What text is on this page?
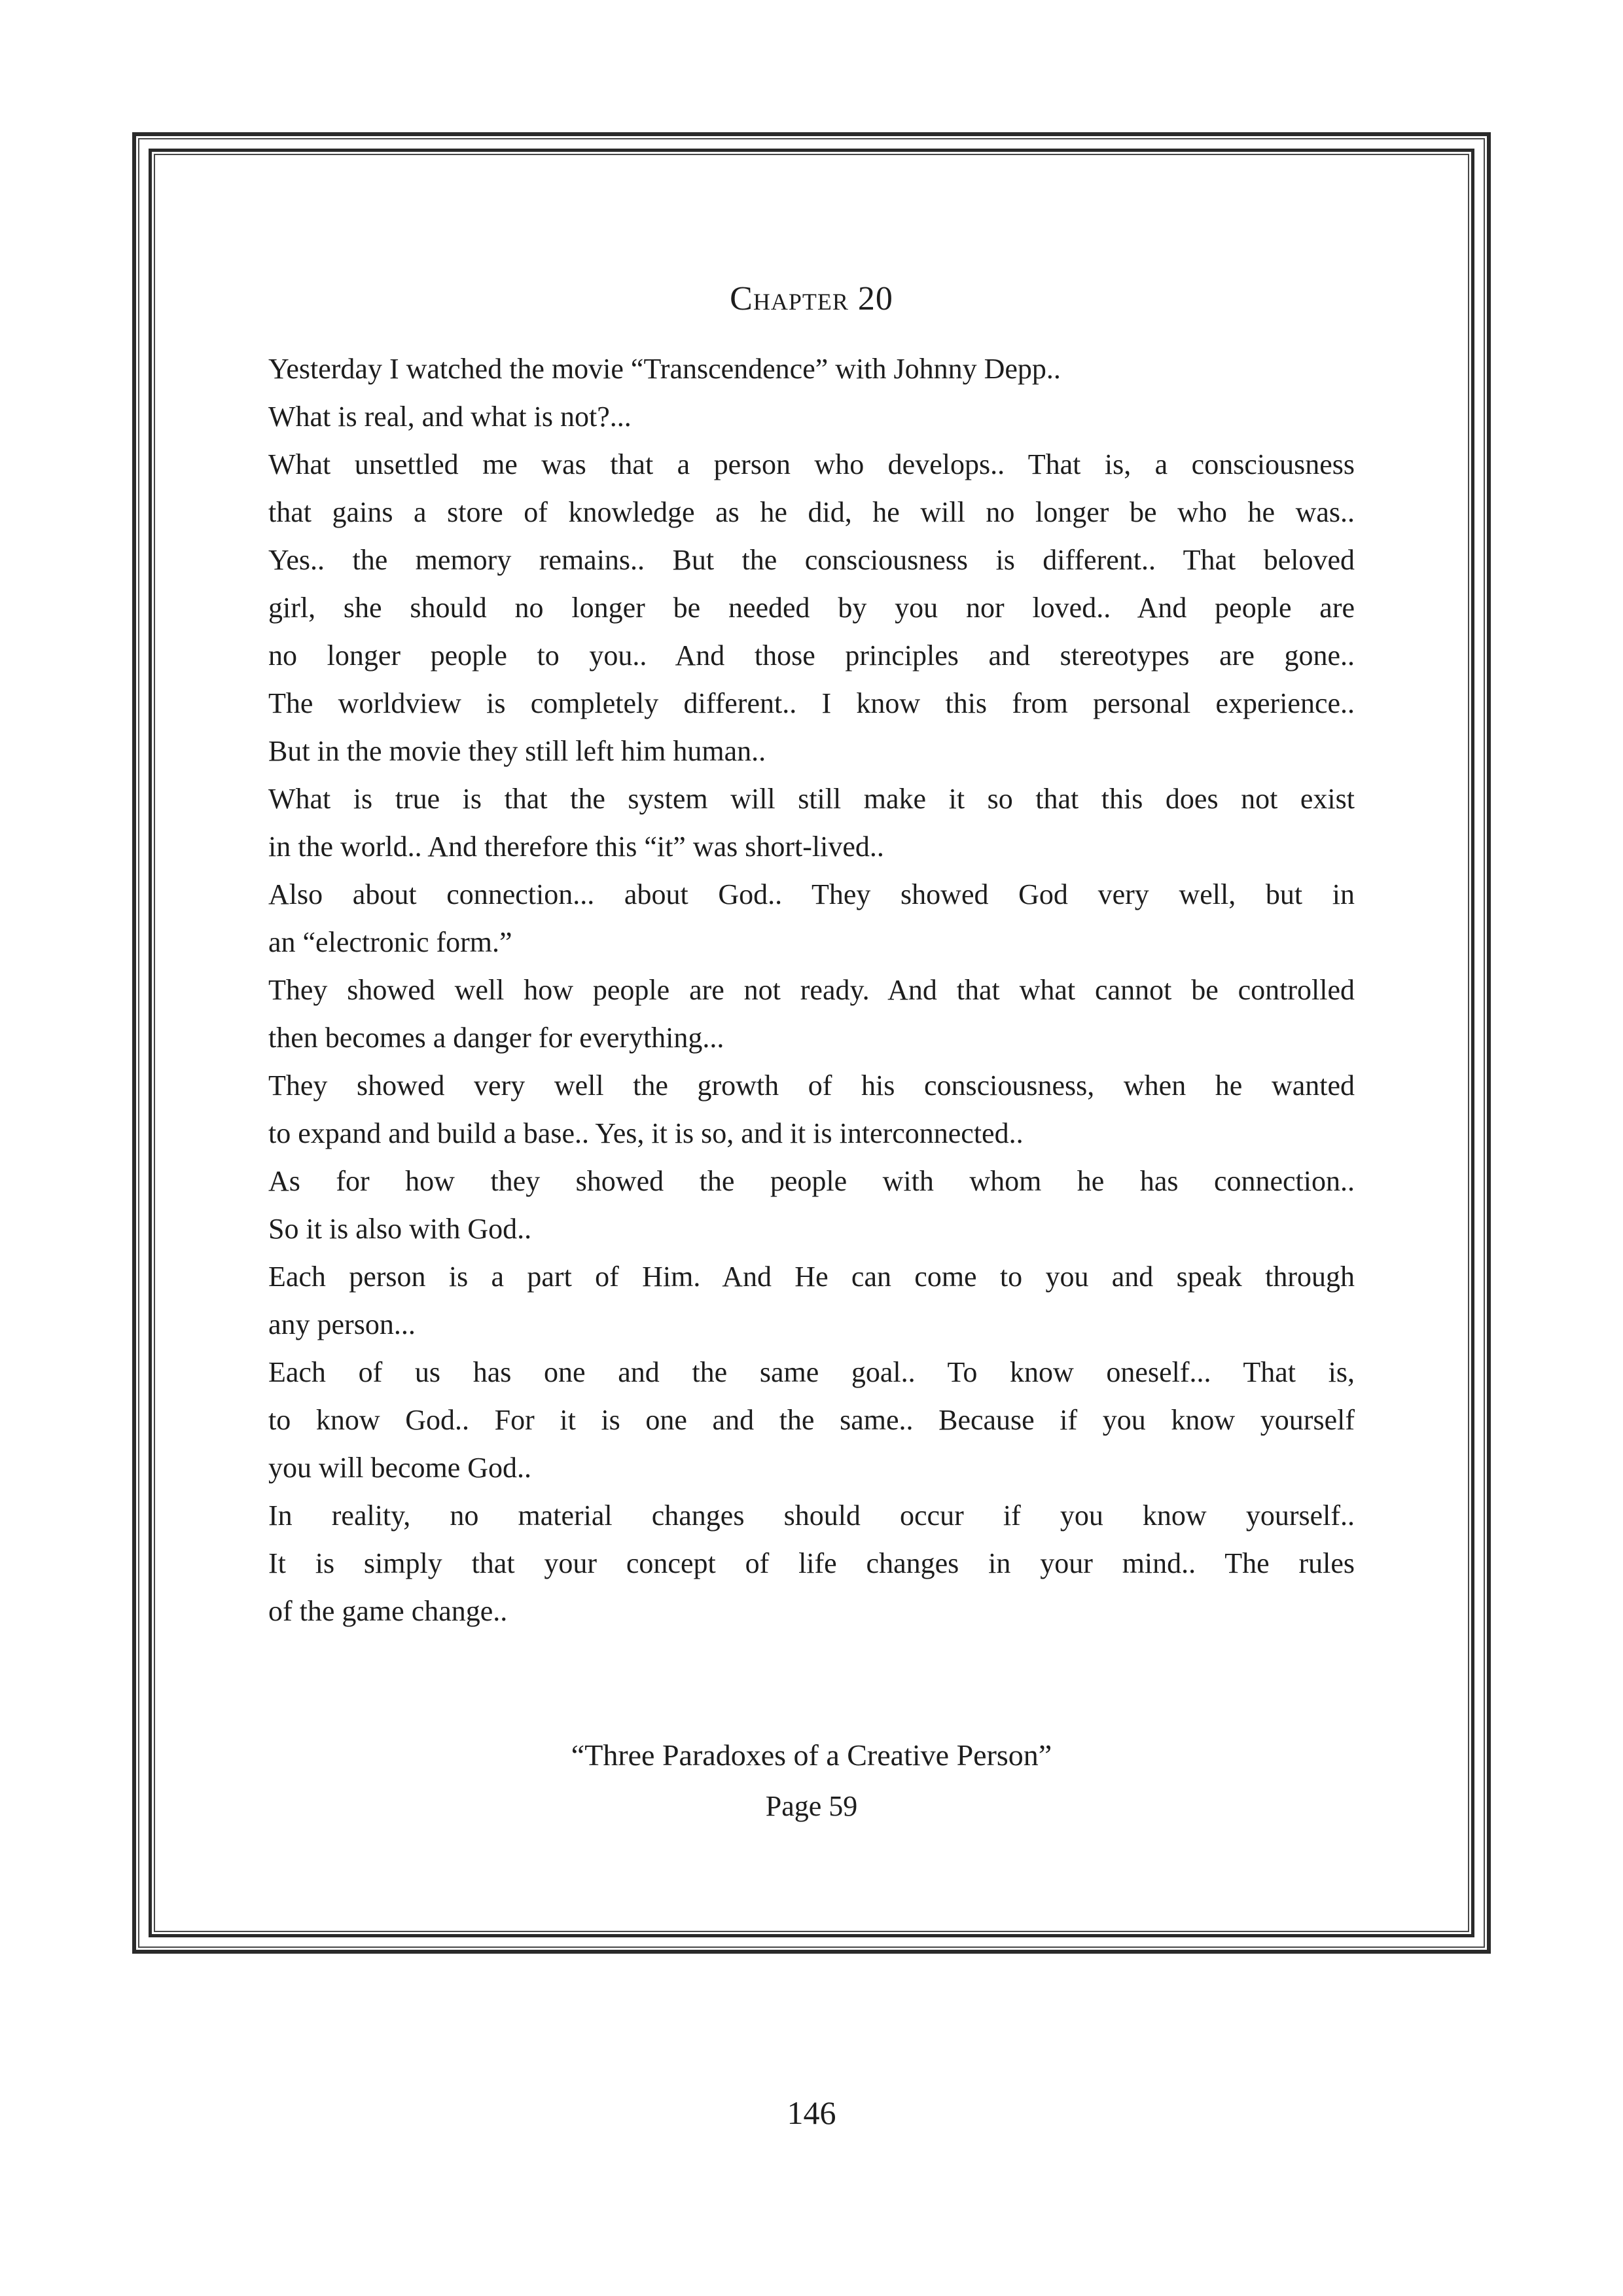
Chapter 20
Yesterday I watched the movie “Transcendence” with Johnny Depp..
What is real, and what is not?...
What unsettled me was that a person who develops.. That is, a consciousness
that gains a store of knowledge as he did, he will no longer be who he was..
Yes.. the memory remains.. But the consciousness is different.. That beloved
girl, she should no longer be needed by you nor loved.. And people are
no longer people to you.. And those principles and stereotypes are gone..
The worldview is completely different.. I know this from personal experience..
But in the movie they still left him human..
What is true is that the system will still make it so that this does not exist
in the world.. And therefore this “it” was short-lived..
Also about connection... about God.. They showed God very well, but in
an “electronic form.”
They showed well how people are not ready. And that what cannot be controlled
then becomes a danger for everything...
They showed very well the growth of his consciousness, when he wanted
to expand and build a base.. Yes, it is so, and it is interconnected..
As for how they showed the people with whom he has connection..
So it is also with God..
Each person is a part of Him. And He can come to you and speak through
any person...
Each of us has one and the same goal.. To know oneself... That is,
to know God.. For it is one and the same.. Because if you know yourself
you will become God..
In reality, no material changes should occur if you know yourself..
It is simply that your concept of life changes in your mind.. The rules
of the game change..
“Three Paradoxes of a Creative Person”
Page 59
146
